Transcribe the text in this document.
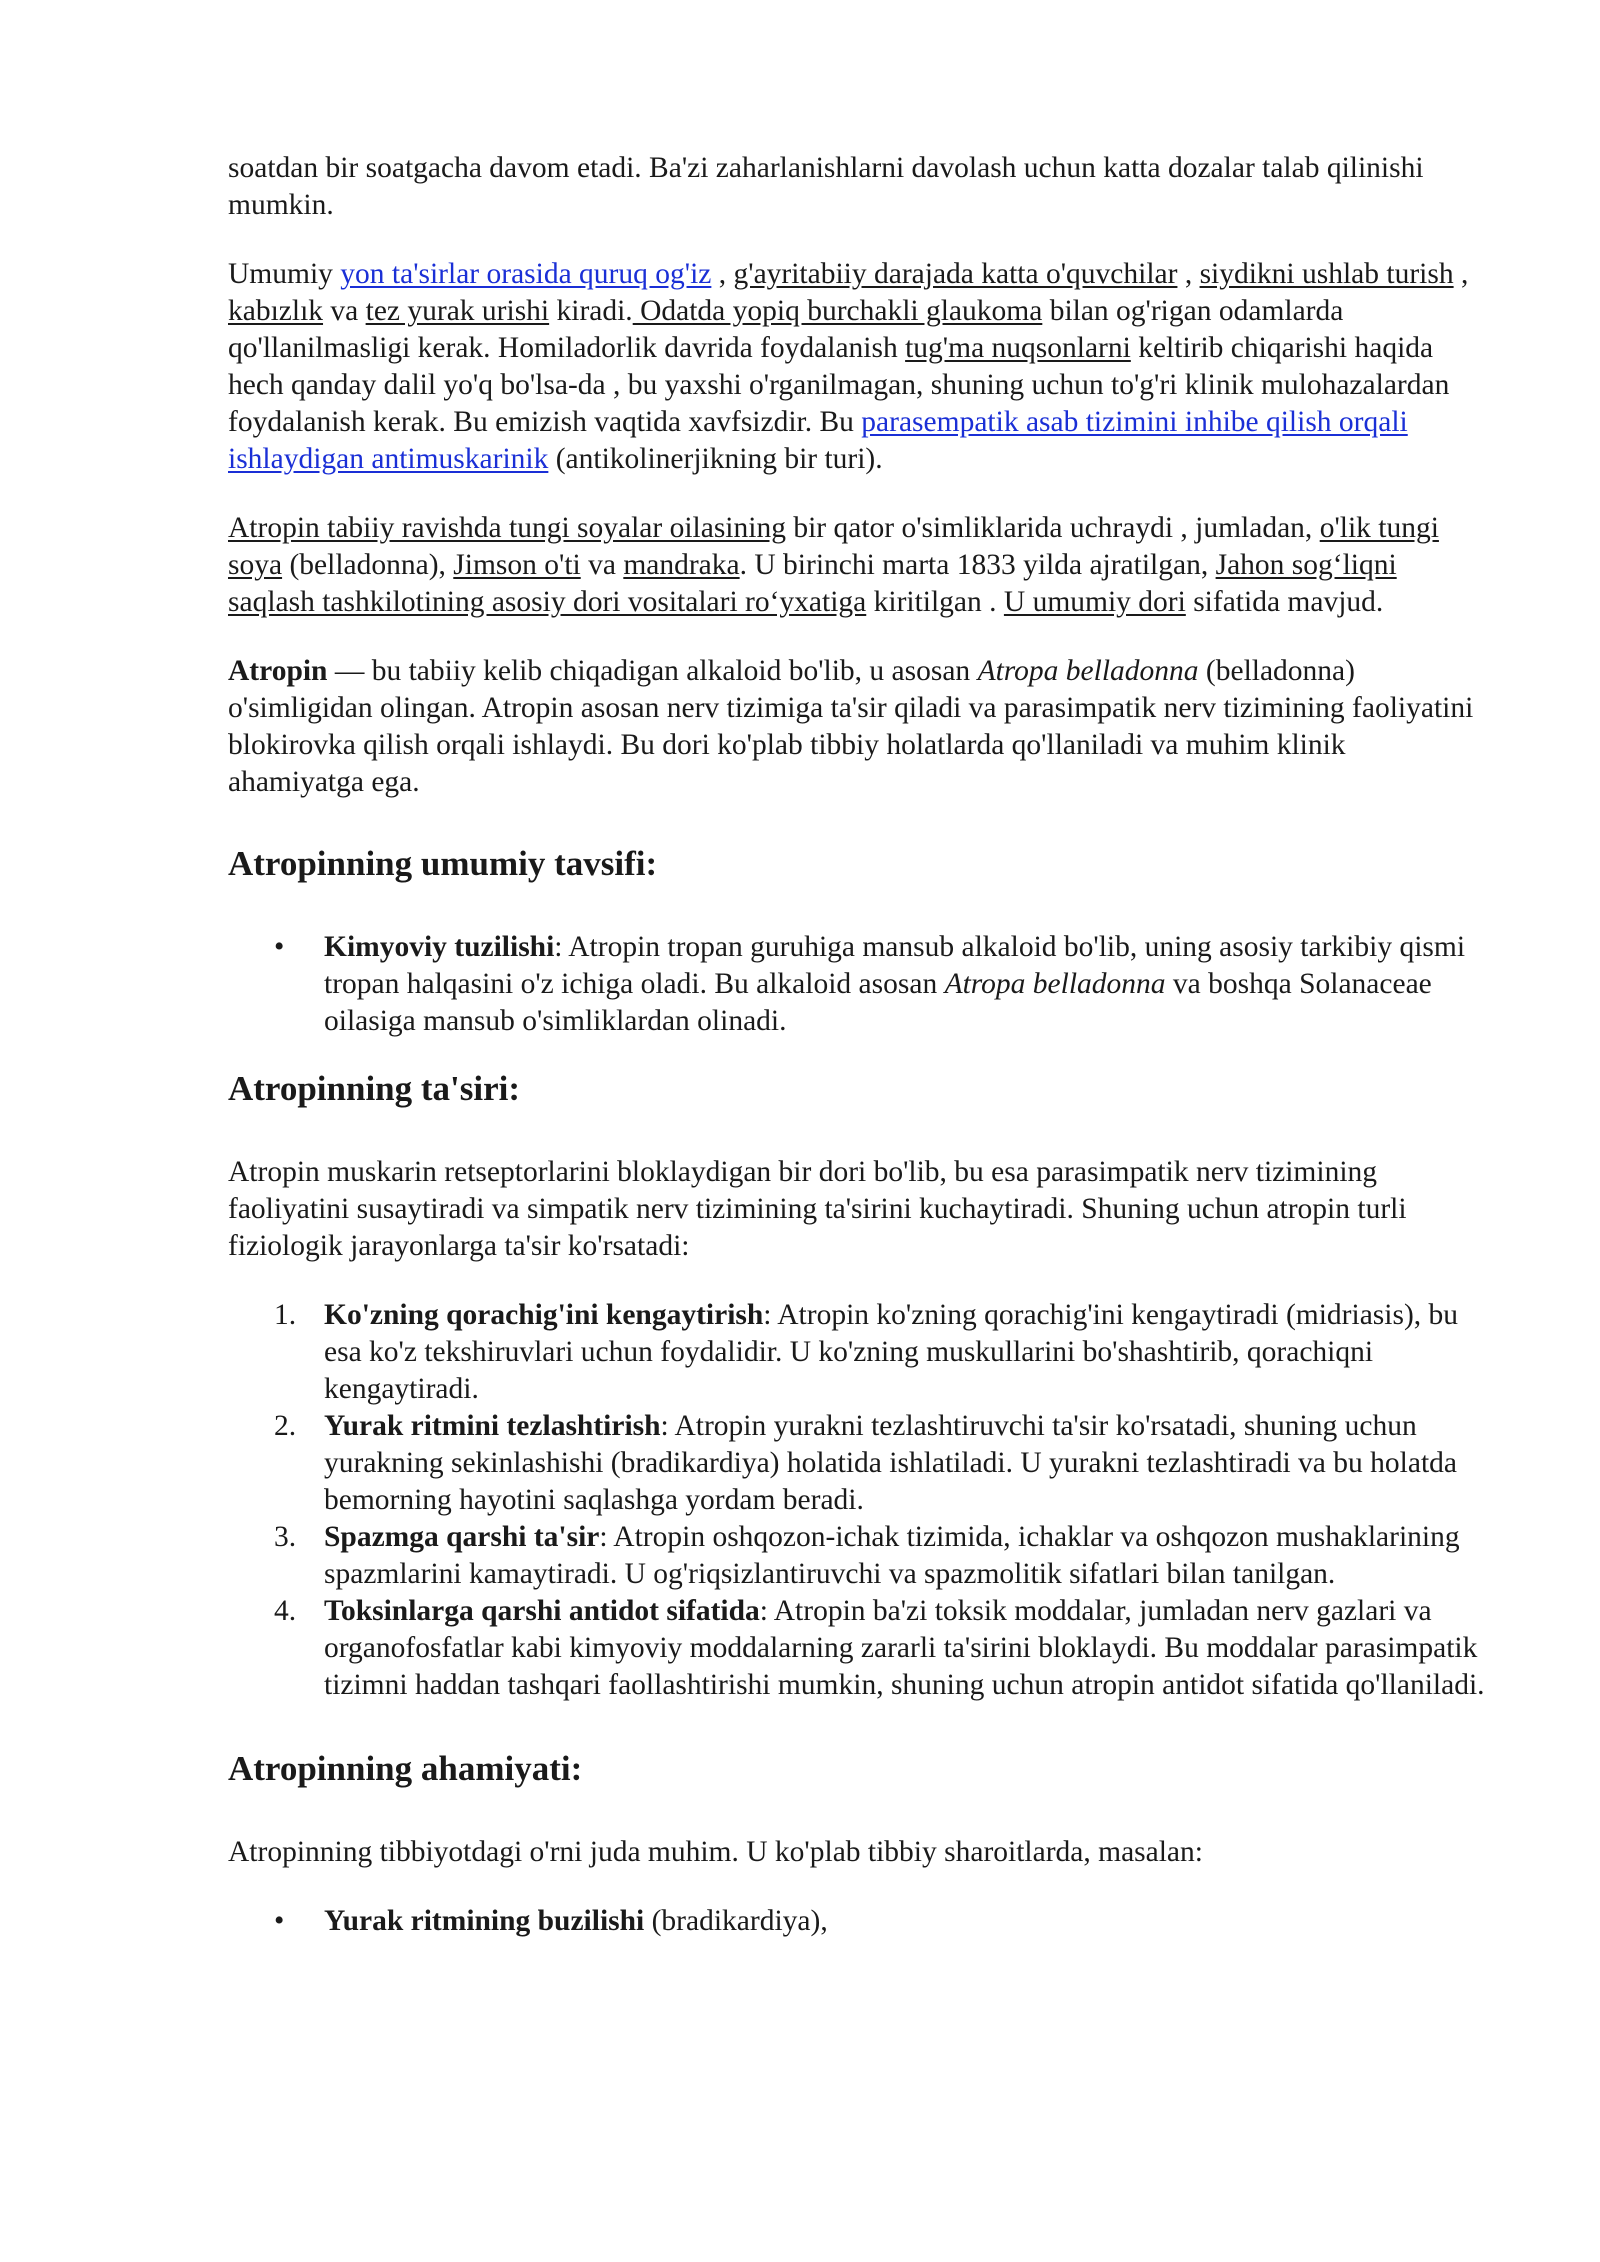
soatdan bir soatgacha davom etadi. Ba'zi zaharlanishlarni davolash uchun katta dozalar talab qilinishi mumkin.

Umumiy yon ta'sirlar orasida quruq og'iz , g'ayritabiiy darajada katta o'quvchilar , siydikni ushlab turish , kabızlık va tez yurak urishi kiradi. Odatda yopiq burchakli glaukoma bilan og'rigan odamlarda qo'llanilmasligi kerak. Homiladorlik davrida foydalanish tug'ma nuqsonlarni keltirib chiqarishi haqida hech qanday dalil yo'q bo'lsa-da , bu yaxshi o'rganilmagan, shuning uchun to'g'ri klinik mulohazalardan foydalanish kerak. Bu emizish vaqtida xavfsizdir. Bu parasempatik asab tizimini inhibe qilish orqali ishlaydigan antimuskarinik (antikolinerjikning bir turi).

Atropin tabiiy ravishda tungi soyalar oilasining bir qator o'simliklarida uchraydi , jumladan, o'lik tungi soya (belladonna), Jimson o'ti va mandraka. U birinchi marta 1833 yilda ajratilgan, Jahon sog‘liqni saqlash tashkilotining asosiy dori vositalari ro‘yxatiga kiritilgan . U umumiy dori sifatida mavjud.

Atropin — bu tabiiy kelib chiqadigan alkaloid bo'lib, u asosan Atropa belladonna (belladonna) o'simligidan olingan. Atropin asosan nerv tizimiga ta'sir qiladi va parasimpatik nerv tizimining faoliyatini blokirovka qilish orqali ishlaydi. Bu dori ko'plab tibbiy holatlarda qo'llaniladi va muhim klinik ahamiyatga ega.

Atropinning umumiy tavsifi:
• Kimyoviy tuzilishi: Atropin tropan guruhiga mansub alkaloid bo'lib, uning asosiy tarkibiy qismi tropan halqasini o'z ichiga oladi. Bu alkaloid asosan Atropa belladonna va boshqa Solanaceae oilasiga mansub o'simliklardan olinadi.
Atropinning ta'siri:

Atropin muskarin retseptorlarini bloklaydigan bir dori bo'lib, bu esa parasimpatik nerv tizimining faoliyatini susaytiradi va simpatik nerv tizimining ta'sirini kuchaytiradi. Shuning uchun atropin turli fiziologik jarayonlarga ta'sir ko'rsatadi:

1. Ko'zning qorachig'ini kengaytirish: Atropin ko'zning qorachig'ini kengaytiradi (midriasis), bu esa ko'z tekshiruvlari uchun foydalidir. U ko'zning muskullarini bo'shashtirib, qorachiqni kengaytiradi.
2. Yurak ritmini tezlashtirish: Atropin yurakni tezlashtiruvchi ta'sir ko'rsatadi, shuning uchun yurakning sekinlashishi (bradikardiya) holatida ishlatiladi. U yurakni tezlashtiradi va bu holatda bemorning hayotini saqlashga yordam beradi.
3. Spazmga qarshi ta'sir: Atropin oshqozon-ichak tizimida, ichaklar va oshqozon mushaklarining spazmlarini kamaytiradi. U og'riqsizlantiruvchi va spazmolitik sifatlari bilan tanilgan.
4. Toksinlarga qarshi antidot sifatida: Atropin ba'zi toksik moddalar, jumladan nerv gazlari va organofosfatlar kabi kimyoviy moddalarning zararli ta'sirini bloklaydi. Bu moddalar parasimpatik tizimni haddan tashqari faollashtirishi mumkin, shuning uchun atropin antidot sifatida qo'llaniladi.
Atropinning ahamiyati:

Atropinning tibbiyotdagi o'rni juda muhim. U ko'plab tibbiy sharoitlarda, masalan:

• Yurak ritmining buzilishi (bradikardiya),
